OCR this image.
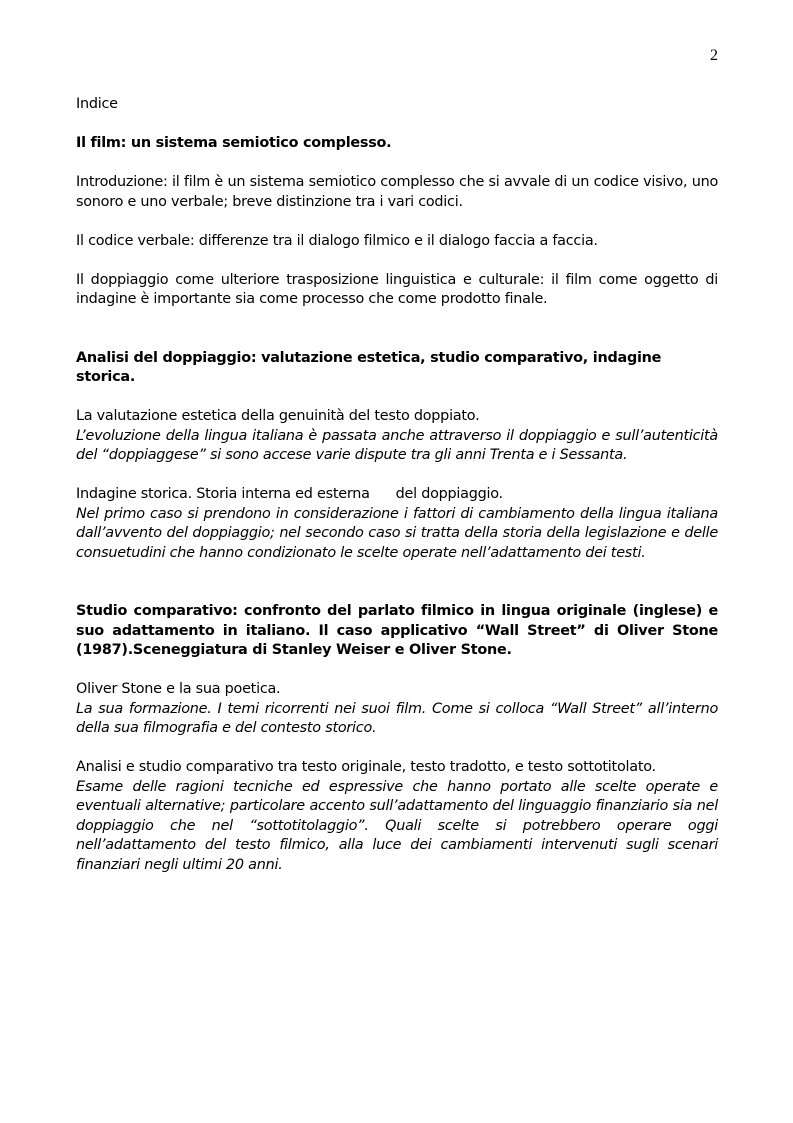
2

Indice

Il film: un sistema semiotico complesso.

Introduzione: il film è un sistema semiotico complesso che si avvale di un codice visivo, uno sonoro e uno verbale; breve distinzione tra i vari codici.

Il codice verbale: differenze tra il dialogo filmico e il dialogo faccia a faccia.

Il doppiaggio come ulteriore trasposizione linguistica e culturale: il film come oggetto di indagine è importante sia come processo che come prodotto finale.

Analisi del doppiaggio: valutazione estetica, studio comparativo, indagine storica.

La valutazione estetica della genuinità del testo doppiato.

L’evoluzione della lingua italiana è passata anche attraverso il doppiaggio e sull’autenticità del “doppiaggese” si sono accese varie dispute tra gli anni Trenta e i Sessanta.

Indagine storica. Storia interna ed esterna      del doppiaggio.

Nel primo caso si prendono in considerazione i fattori di cambiamento della lingua italiana dall’avvento del doppiaggio; nel secondo caso si tratta della storia della legislazione e delle consuetudini che hanno condizionato le scelte operate nell’adattamento dei testi.

Studio comparativo: confronto del parlato filmico in lingua originale (inglese) e suo adattamento in italiano. Il caso applicativo “Wall Street” di Oliver Stone (1987).Sceneggiatura di Stanley Weiser e Oliver Stone.

Oliver Stone e la sua poetica.

La sua formazione. I temi ricorrenti nei suoi film. Come si colloca “Wall Street” all’interno della sua filmografia e del contesto storico.

Analisi e studio comparativo tra testo originale, testo tradotto, e testo sottotitolato.

Esame delle ragioni tecniche ed espressive che hanno portato alle scelte operate e eventuali alternative; particolare accento sull’adattamento del linguaggio finanziario sia nel doppiaggio che nel “sottotitolaggio”. Quali scelte si potrebbero operare oggi nell’adattamento del testo filmico, alla luce dei cambiamenti intervenuti sugli scenari finanziari negli ultimi 20 anni.
